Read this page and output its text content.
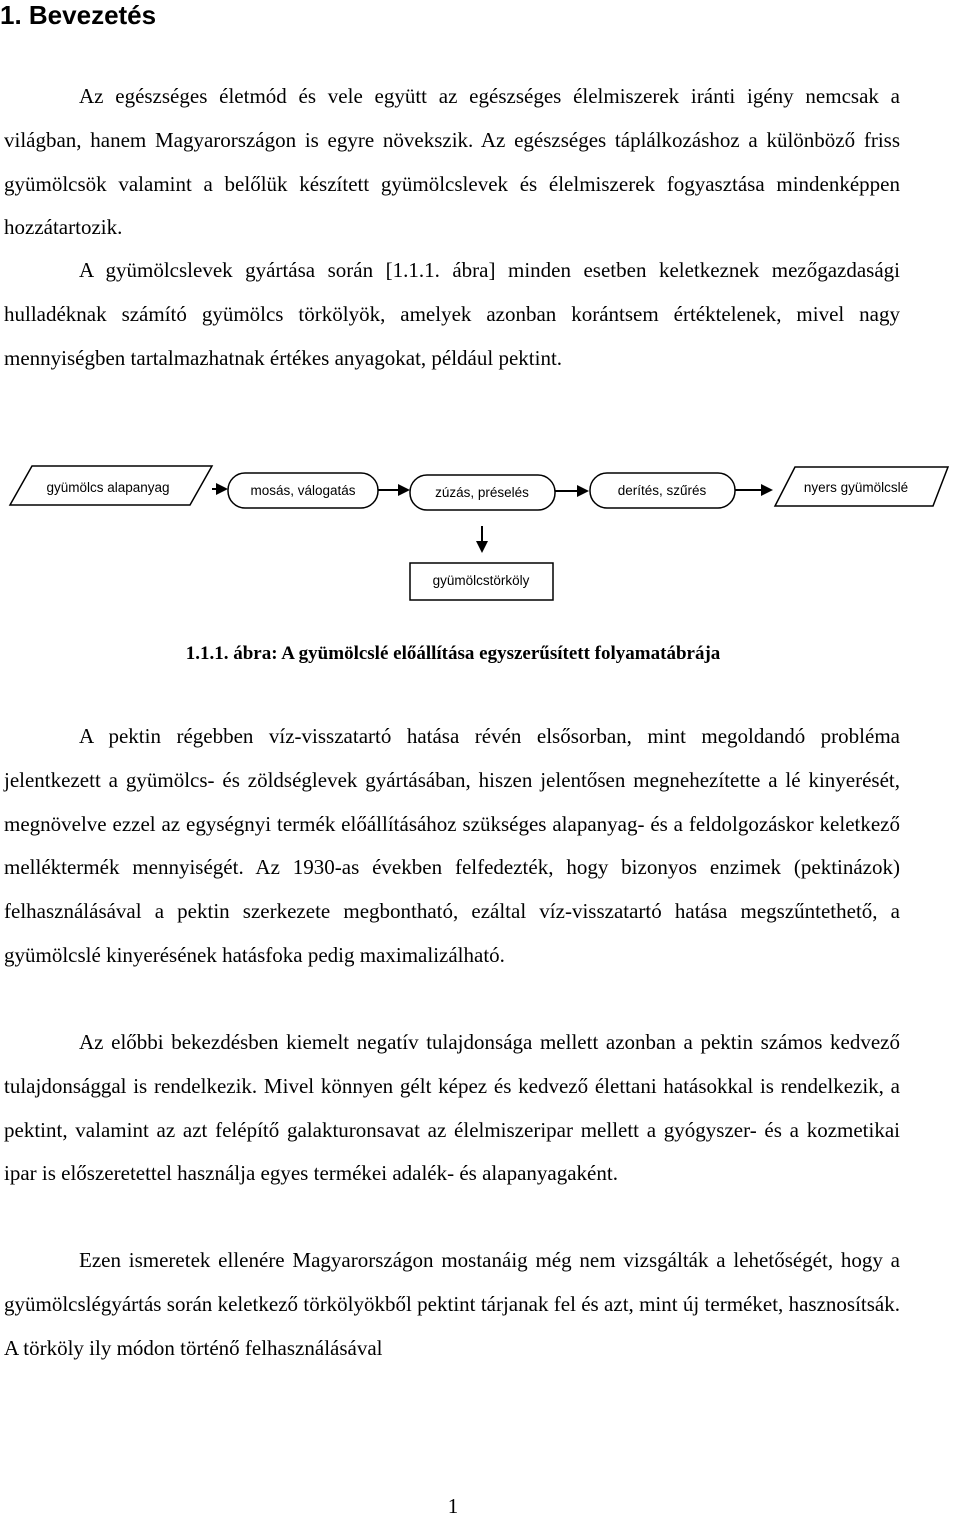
1. Bevezetés

Az egészséges életmód és vele együtt az egészséges élelmiszerek iránti igény nemcsak a világban, hanem Magyarországon is egyre növekszik. Az egészséges táplálkozáshoz a különböző friss gyümölcsök valamint a belőlük készített gyümölcslevek és élelmiszerek fogyasztása mindenképpen hozzátartozik.

A gyümölcslevek gyártása során [1.1.1. ábra] minden esetben keletkeznek mezőgazdasági hulladéknak számító gyümölcs törkölyök, amelyek azonban korántsem értéktelenek, mivel nagy mennyiségben tartalmazhatnak értékes anyagokat, például pektint.

gyümölcs alapanyag	mosás, válogatás	zúzás, préselés	derítés, szűrés	nyers gyümölcslé
gyümölcstörköly

1.1.1. ábra: A gyümölcslé előállítása egyszerűsített folyamatábrája

A pektin régebben víz-visszatartó hatása révén elsősorban, mint megoldandó probléma jelentkezett a gyümölcs- és zöldséglevek gyártásában, hiszen jelentősen megnehezítette a lé kinyerését, megnövelve ezzel az egységnyi termék előállításához szükséges alapanyag- és a feldolgozáskor keletkező melléktermék mennyiségét. Az 1930-as években felfedezték, hogy bizonyos enzimek (pektinázok) felhasználásával a pektin szerkezete megbontható, ezáltal víz-visszatartó hatása megszűntethető, a gyümölcslé kinyerésének hatásfoka pedig maximalizálható.

Az előbbi bekezdésben kiemelt negatív tulajdonsága mellett azonban a pektin számos kedvező tulajdonsággal is rendelkezik. Mivel könnyen gélt képez és kedvező élettani hatásokkal is rendelkezik, a pektint, valamint az azt felépítő galakturonsavat az élelmiszeripar mellett a gyógyszer- és a kozmetikai ipar is előszeretettel használja egyes termékei adalék- és alapanyagaként.

Ezen ismeretek ellenére Magyarországon mostanáig még nem vizsgálták a lehetőségét, hogy a gyümölcslégyártás során keletkező törkölyökből pektint tárjanak fel és azt, mint új terméket, hasznosítsák. A törköly ily módon történő felhasználásával

1
